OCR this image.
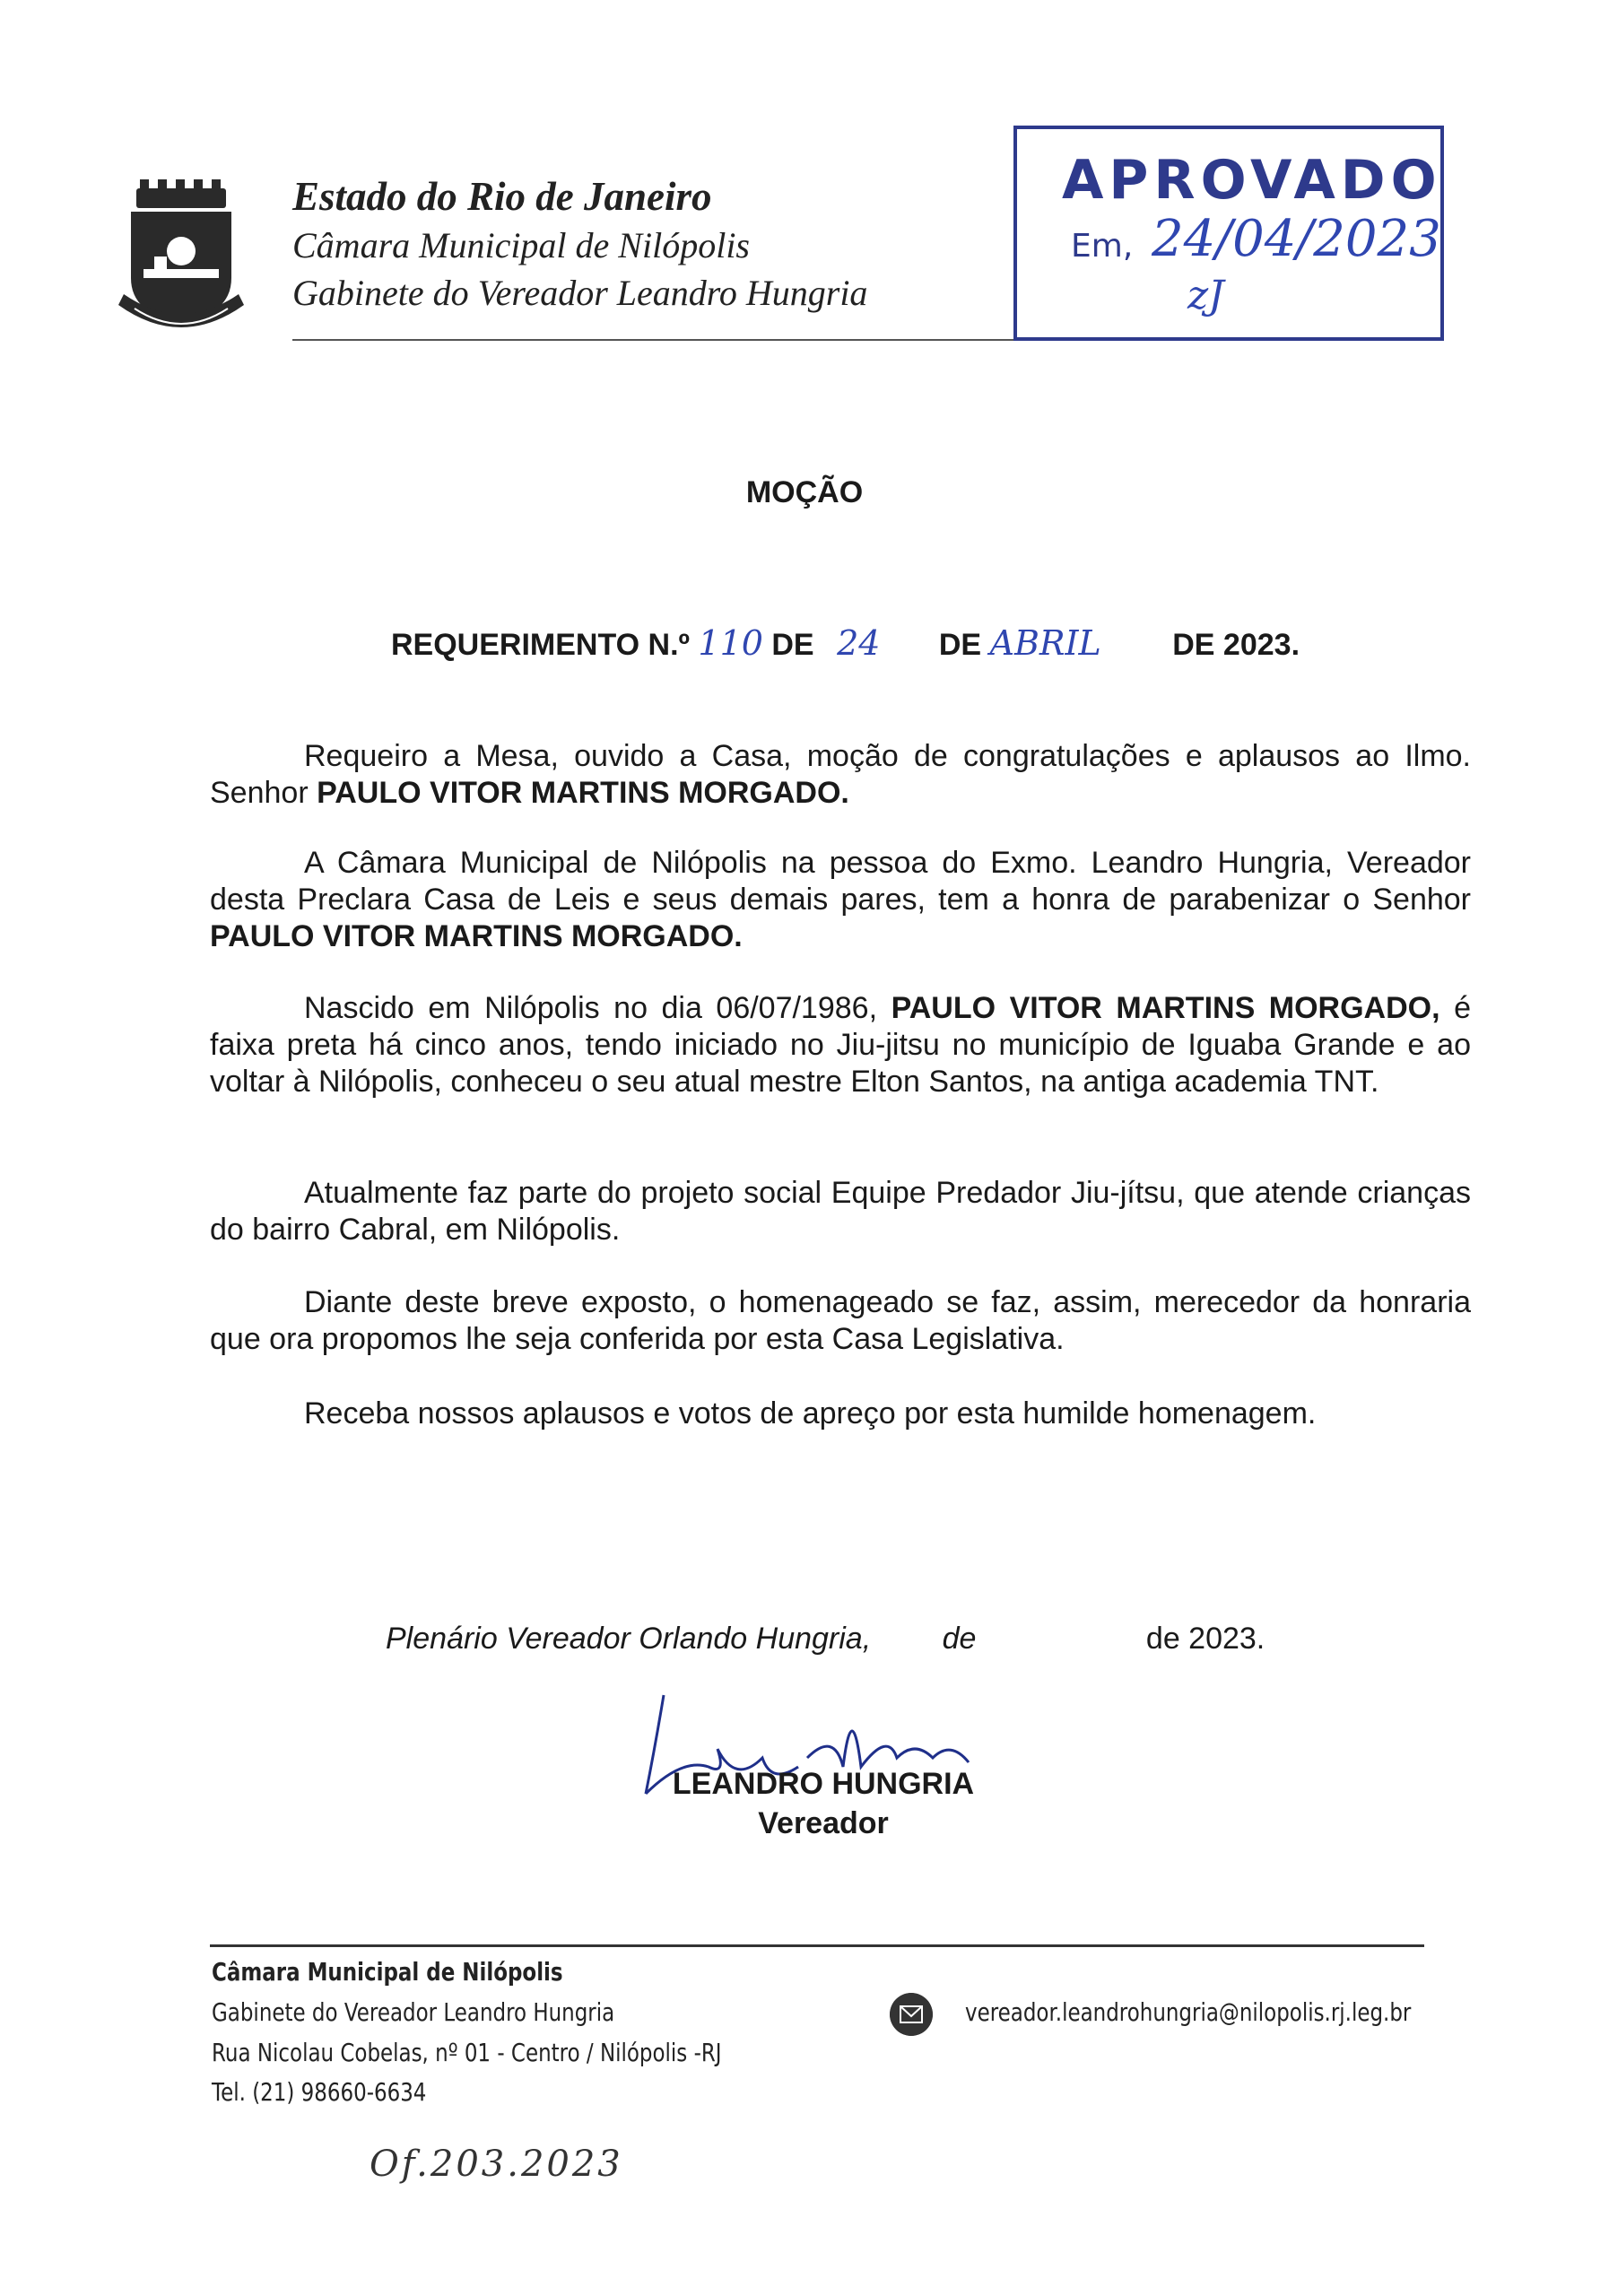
Estado do Rio de Janeiro
Câmara Municipal de Nilópolis
Gabinete do Vereador Leandro Hungria
APROVADO
Em, 24/04/2023
zJ
MOÇÃO
REQUERIMENTO N.º 110 DE 24 DE ABRIL DE 2023.

Requeiro a Mesa, ouvido a Casa, moção de congratulações e aplausos ao Ilmo. Senhor PAULO VITOR MARTINS MORGADO.

A Câmara Municipal de Nilópolis na pessoa do Exmo. Leandro Hungria, Vereador desta Preclara Casa de Leis e seus demais pares, tem a honra de parabenizar o Senhor PAULO VITOR MARTINS MORGADO.

Nascido em Nilópolis no dia 06/07/1986, PAULO VITOR MARTINS MORGADO, é faixa preta há cinco anos, tendo iniciado no Jiu-jitsu no município de Iguaba Grande e ao voltar à Nilópolis, conheceu o seu atual mestre Elton Santos, na antiga academia TNT.

Atualmente faz parte do projeto social Equipe Predador Jiu-jítsu, que atende crianças do bairro Cabral, em Nilópolis.

Diante deste breve exposto, o homenageado se faz, assim, merecedor da honraria que ora propomos lhe seja conferida por esta Casa Legislativa.

Receba nossos aplausos e votos de apreço por esta humilde homenagem.

Plenário Vereador Orlando Hungria, de	de 2023.
LEANDRO HUNGRIA
Vereador
Câmara Municipal de Nilópolis
Gabinete do Vereador Leandro Hungria
Rua Nicolau Cobelas, nº 01 - Centro / Nilópolis -RJ
Tel. (21) 98660-6634
vereador.leandrohungria@nilopolis.rj.leg.br
Of.203.2023
